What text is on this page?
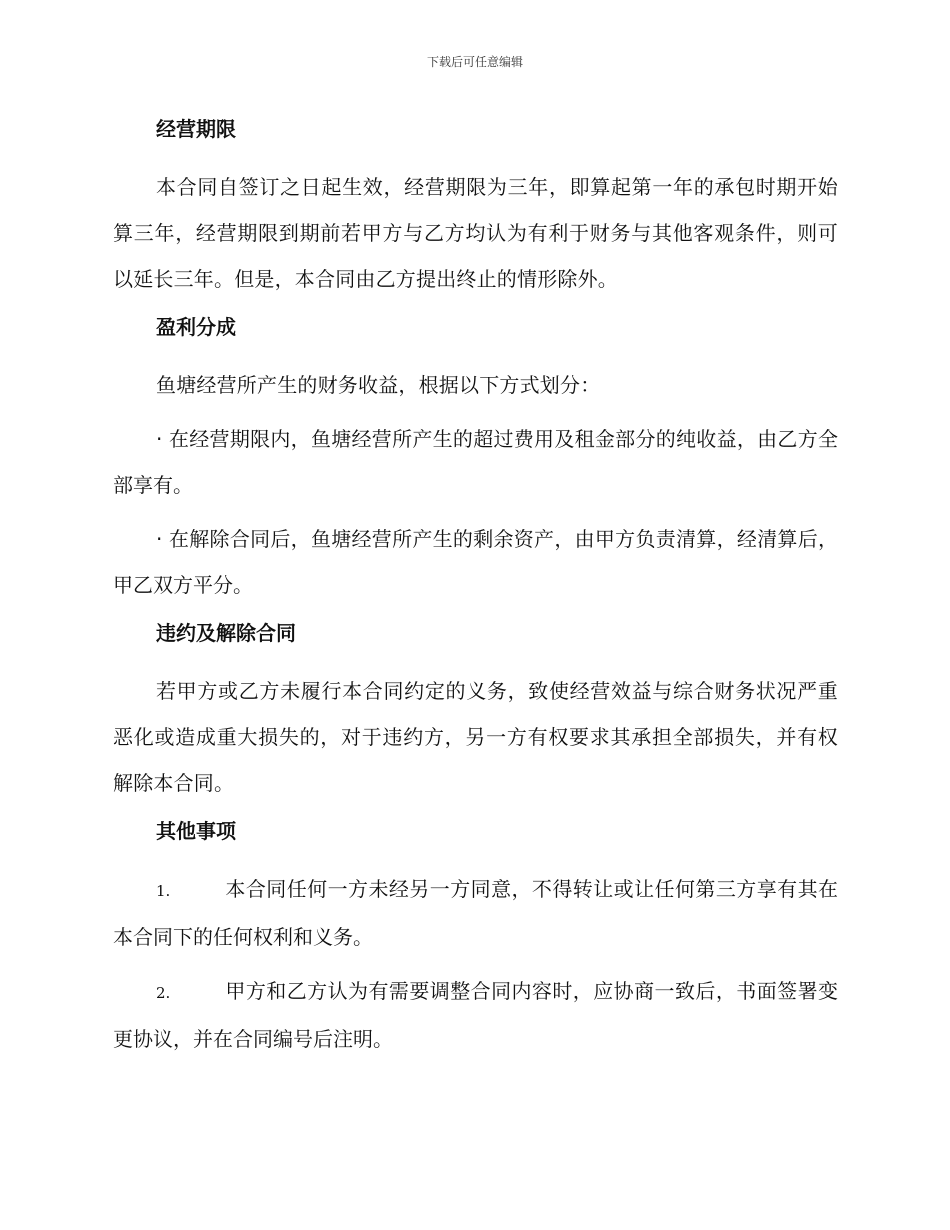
下载后可任意编辑
经营期限

本合同自签订之日起生效，经营期限为三年，即算起第一年的承包时期开始算三年，经营期限到期前若甲方与乙方均认为有利于财务与其他客观条件，则可以延长三年。但是，本合同由乙方提出终止的情形除外。

盈利分成

鱼塘经营所产生的财务收益，根据以下方式划分：

· 在经营期限内，鱼塘经营所产生的超过费用及租金部分的纯收益，由乙方全部享有。

· 在解除合同后，鱼塘经营所产生的剩余资产，由甲方负责清算，经清算后，甲乙双方平分。

违约及解除合同

若甲方或乙方未履行本合同约定的义务，致使经营效益与综合财务状况严重恶化或造成重大损失的，对于违约方，另一方有权要求其承担全部损失，并有权解除本合同。

其他事项

1.	本合同任何一方未经另一方同意，不得转让或让任何第三方享有其在本合同下的任何权利和义务。

2.	甲方和乙方认为有需要调整合同内容时，应协商一致后，书面签署变更协议，并在合同编号后注明。
